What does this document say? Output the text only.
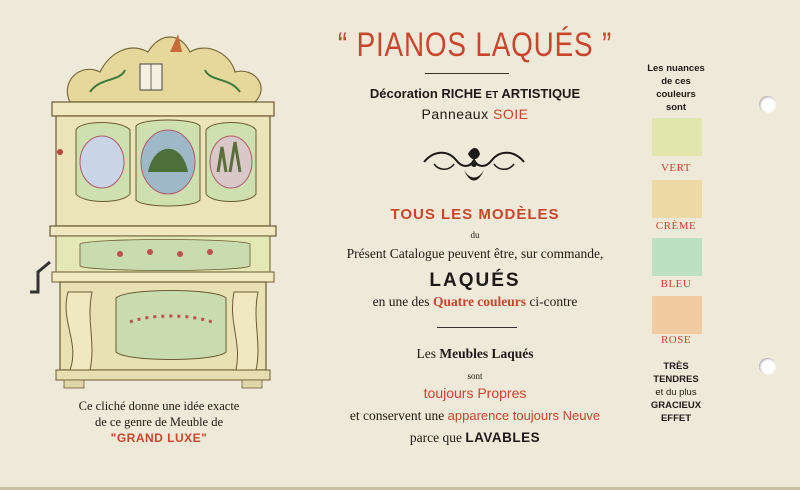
Ce cliché donne une idée exacte
de ce genre de Meuble de
"GRAND LUXE"
“ PIANOS LAQUÉS ”
Décoration RICHE ET ARTISTIQUE
Panneaux SOIE
TOUS LES MODÈLES
du
Présent Catalogue peuvent être, sur commande,
LAQUÉS
en une des Quatre couleurs ci-contre
Les Meubles Laqués
sont
toujours Propres
et conservent une apparence toujours Neuve
parce que LAVABLES
Les nuances
de ces
couleurs
sont
VERT
CRÈME
BLEU
ROSE
TRÈS TENDRES
et du plus
GRACIEUX
EFFET
